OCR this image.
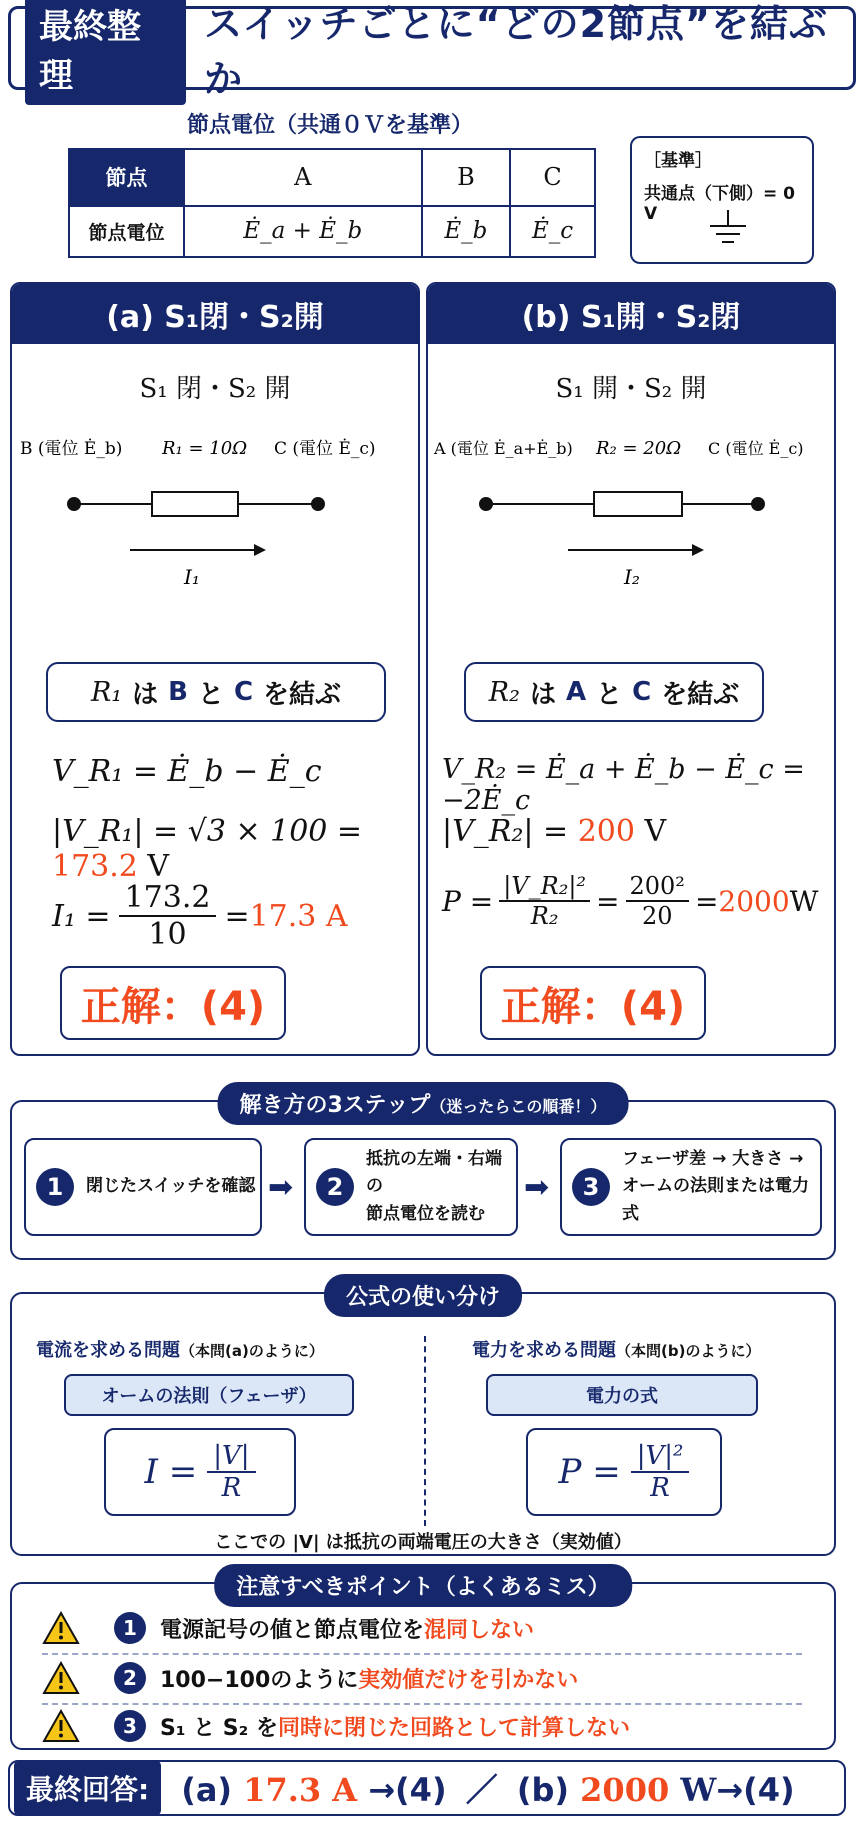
最終整理
スイッチごとに“どの2節点”を結ぶか
節点電位（共通０Ｖを基準）
節点	A	B	C
節点電位	Ė_a + Ė_b	Ė_b	Ė_c
［基準］
共通点（下側）= 0 V
(a) S₁閉・S₂開
S₁ 閉・S₂ 開
B (電位 Ė_b) R₁ = 10Ω C (電位 Ė_c)
I₁
R₁ は B と C を結ぶ
V_R₁ = Ė_b − Ė_c
|V_R₁| = √3 × 100 = 173.2 V
$I_1 = \frac{173.2}{10} = 17.3$ A
正解：(4)
(b) S₁開・S₂閉
S₁ 開・S₂ 開
A (電位 Ė_a+Ė_b) R₂ = 20Ω C (電位 Ė_c)
I₂
R₂ は A と C を結ぶ
V_R₂ = Ė_a + Ė_b − Ė_c = −2Ė_c
|V_R₂| = 200 V
$P = \frac{\text{|V\_R₂|²}}{\text{R₂}} = \frac{\text{200²}}{20} = 2000$ W
正解：(4)
解き方の3ステップ（迷ったらこの順番！）
1	閉じたスイッチを確認 ➡	2
抵抗の左端・右端の
節点電位を読む
➡	3
フェーザ差 → 大きさ →
オームの法則または電力式
公式の使い分け
電流を求める問題（本問(a)のように）
オームの法則（フェーザ）
$I = \frac{|V|}{R}$
電力を求める問題（本問(b)のように）
電力の式
$P = \frac{\text{|V|²}}{R}$
ここでの |V| は抵抗の両端電圧の大きさ（実効値）
注意すべきポイント（よくあるミス）
1	電源記号の値と節点電位を混同しない
2	100−100のように実効値だけを引かない
3	S₁ と S₂ を同時に閉じた回路として計算しない
最終回答:	(a) 17.3 A →(4) ／ (b) 2000 W→(4)
